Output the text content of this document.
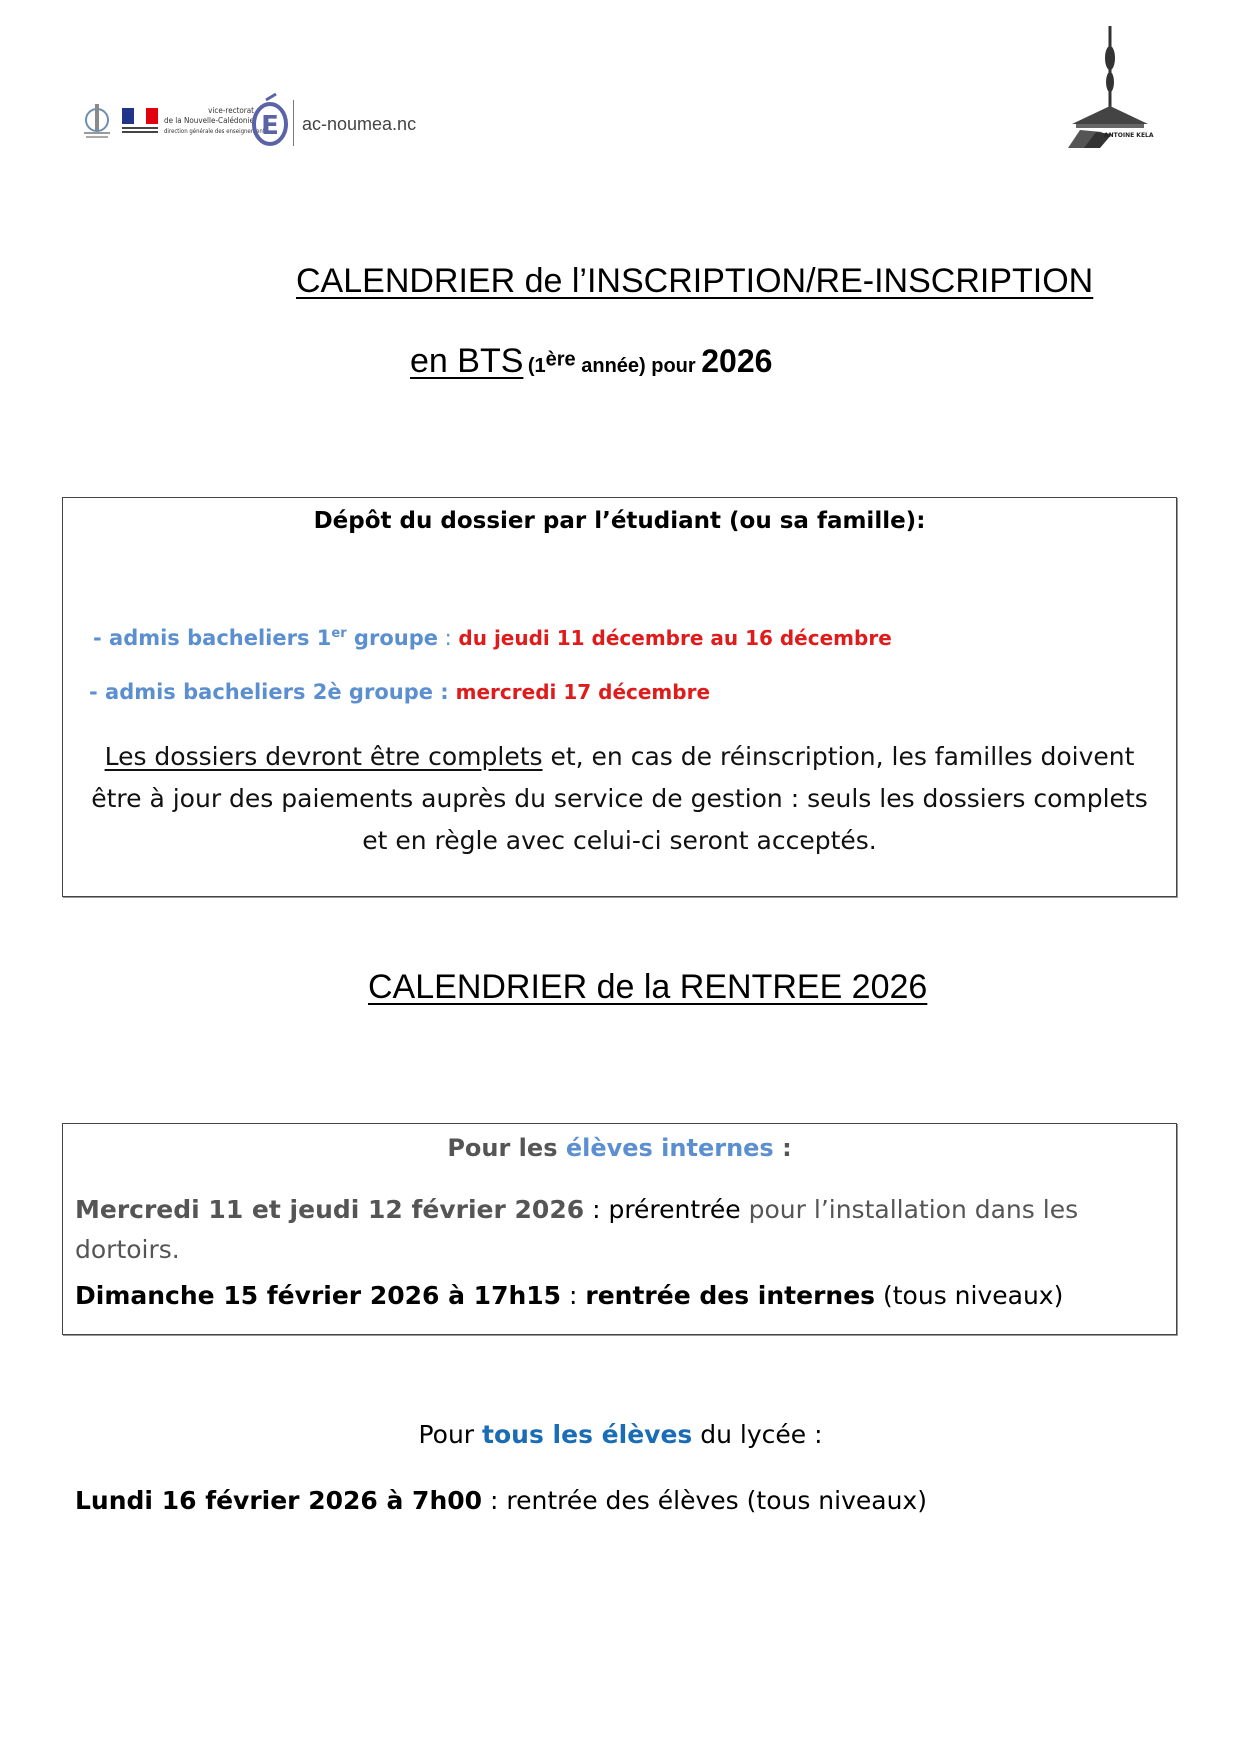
vice-rectorat
de la Nouvelle-Calédonie
direction générale des enseignements
E ac-noumea.nc
ANTOINE KELA
CALENDRIER de l’INSCRIPTION/RE-INSCRIPTION
en BTS (1ère année) pour 2026
Dépôt du dossier par l’étudiant (ou sa famille):
- admis bacheliers 1er groupe : du jeudi 11 décembre au 16 décembre
- admis bacheliers 2è groupe : mercredi 17 décembre
Les dossiers devront être complets et, en cas de réinscription, les familles doivent être à jour des paiements auprès du service de gestion : seuls les dossiers complets et en règle avec celui-ci seront acceptés.
CALENDRIER de la RENTREE 2026
Pour les élèves internes :
Mercredi 11 et jeudi 12 février 2026 : prérentrée pour l’installation dans les
dortoirs.
Dimanche 15 février 2026 à 17h15 : rentrée des internes (tous niveaux)
Pour tous les élèves du lycée :
Lundi 16 février 2026 à 7h00 : rentrée des élèves (tous niveaux)
